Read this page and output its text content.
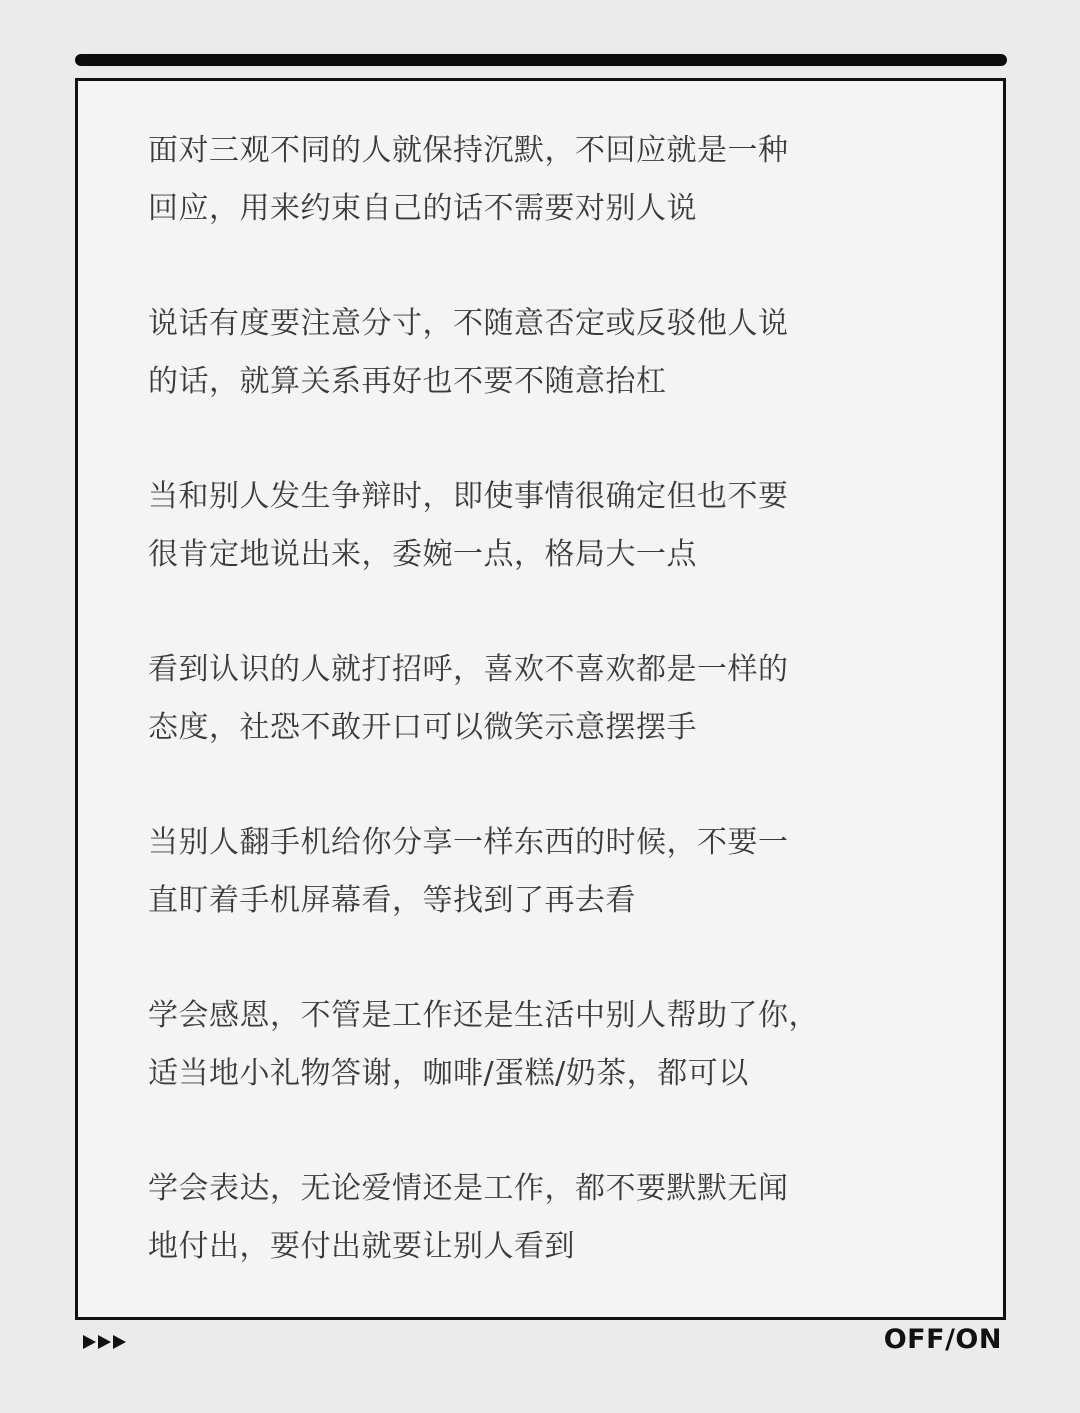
面对三观不同的人就保持沉默，不回应就是一种
回应，用来约束自己的话不需要对别人说

说话有度要注意分寸，不随意否定或反驳他人说
的话，就算关系再好也不要不随意抬杠

当和别人发生争辩时，即使事情很确定但也不要
很肯定地说出来，委婉一点，格局大一点

看到认识的人就打招呼，喜欢不喜欢都是一样的
态度，社恐不敢开口可以微笑示意摆摆手

当别人翻手机给你分享一样东西的时候，不要一
直盯着手机屏幕看，等找到了再去看

学会感恩，不管是工作还是生活中别人帮助了你，
适当地小礼物答谢，咖啡/蛋糕/奶茶，都可以

学会表达，无论爱情还是工作，都不要默默无闻
地付出，要付出就要让别人看到

OFF/ON
